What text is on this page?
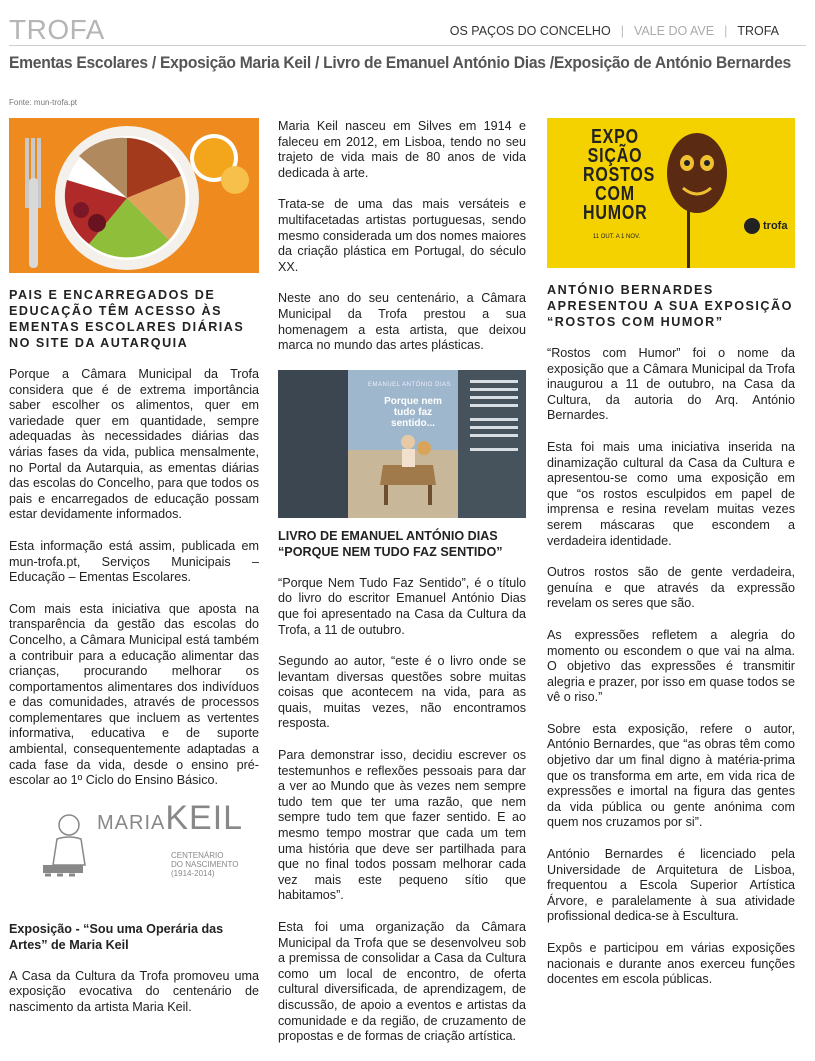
TROFA	OS PAÇOS DO CONCELHO | VALE DO AVE | TROFA
Ementas Escolares / Exposição Maria Keil / Livro de Emanuel António Dias /Exposição de António Bernardes
Fonte: mun-trofa.pt

PAIS E ENCARREGADOS DE EDUCAÇÃO TÊM ACESSO ÀS EMENTAS ESCOLARES DIÁRIAS NO SITE DA AUTARQUIA

Porque a Câmara Municipal da Trofa considera que é de extrema importância saber escolher os alimentos, quer em variedade quer em quantidade, sempre adequadas às necessidades diárias das várias fases da vida, publica mensalmente, no Portal da Autarquia, as ementas diárias das escolas do Concelho, para que todos os pais e encarregados de educação possam estar devidamente informados.

Esta informação está assim, publicada em mun-trofa.pt, Serviços Municipais – Educação – Ementas Escolares.

Com mais esta iniciativa que aposta na transparência da gestão das escolas do Concelho, a Câmara Municipal está também a contribuir para a educação alimentar das crianças, procurando melhorar os comportamentos alimentares dos indivíduos e das comunidades, através de processos complementares que incluem as vertentes informativa, educativa e de suporte ambiental, consequentemente adaptadas a cada fase da vida, desde o ensino pré-escolar ao 1º Ciclo do Ensino Básico.

MARIAKEIL
CENTENÁRIO
DO NASCIMENTO
(1914-2014)

Exposição - “Sou uma Operária das Artes” de Maria Keil

A Casa da Cultura da Trofa promoveu uma exposição evocativa do centenário de nascimento da artista Maria Keil.

Maria Keil nasceu em Silves em 1914 e faleceu em 2012, em Lisboa, tendo no seu trajeto de vida mais de 80 anos de vida dedicada à arte.

Trata-se de uma das mais versáteis e multifacetadas artistas portuguesas, sendo mesmo considerada um dos nomes maiores da criação plástica em Portugal, do século XX.

Neste ano do seu centenário, a Câmara Municipal da Trofa prestou a sua homenagem a esta artista, que deixou marca no mundo das artes plásticas.

EMANUEL ANTÓNIO DIAS
Porque nem tudo faz sentido...

LIVRO DE EMANUEL ANTÓNIO DIAS “PORQUE NEM TUDO FAZ SENTIDO”

“Porque Nem Tudo Faz Sentido”, é o título do livro do escritor Emanuel António Dias que foi apresentado na Casa da Cultura da Trofa, a 11 de outubro.

Segundo ao autor, “este é o livro onde se levantam diversas questões sobre muitas coisas que acontecem na vida, para as quais, muitas vezes, não encontramos resposta.

Para demonstrar isso, decidiu escrever os testemunhos e reflexões pessoais para dar a ver ao Mundo que às vezes nem sempre tudo tem que ter uma razão, que nem sempre tudo tem que fazer sentido. E ao mesmo tempo mostrar que cada um tem uma história que deve ser partilhada para que no final todos possam melhorar cada vez mais este pequeno sítio que habitamos”.

Esta foi uma organização da Câmara Municipal da Trofa que se desenvolveu sob a premissa de consolidar a Casa da Cultura como um local de encontro, de oferta cultural diversificada, de aprendizagem, de discussão, de apoio a eventos e artistas da comunidade e da região, de cruzamento de propostas e de formas de criação artística.

EXPO
SIÇÃO
ROSTOS
COM
HUMOR
11 OUT. A 1 NOV.
trofa

ANTÓNIO BERNARDES APRESENTOU A SUA EXPOSIÇÃO “ROSTOS COM HUMOR”

“Rostos com Humor” foi o nome da exposição que a Câmara Municipal da Trofa inaugurou a 11 de outubro, na Casa da Cultura, da autoria do Arq. António Bernardes.

Esta foi mais uma iniciativa inserida na dinamização cultural da Casa da Cultura e apresentou-se como uma exposição em que “os rostos esculpidos em papel de imprensa e resina revelam muitas vezes serem máscaras que escondem a verdadeira identidade.

Outros rostos são de gente verdadeira, genuína e que através da expressão revelam os seres que são.

As expressões refletem a alegria do momento ou escondem o que vai na alma. O objetivo das expressões é transmitir alegria e prazer, por isso em quase todos se vê o riso.”

Sobre esta exposição, refere o autor, António Bernardes, que “as obras têm como objetivo dar um final digno à matéria-prima que os transforma em arte, em vida rica de expressões e imortal na figura das gentes da vida pública ou gente anónima com quem nos cruzamos por si”.

António Bernardes é licenciado pela Universidade de Arquitetura de Lisboa, frequentou a Escola Superior Artística Árvore, e paralelamente à sua atividade profissional dedica-se à Escultura.

Expôs e participou em várias exposições nacionais e durante anos exerceu funções docentes em escola públicas.
